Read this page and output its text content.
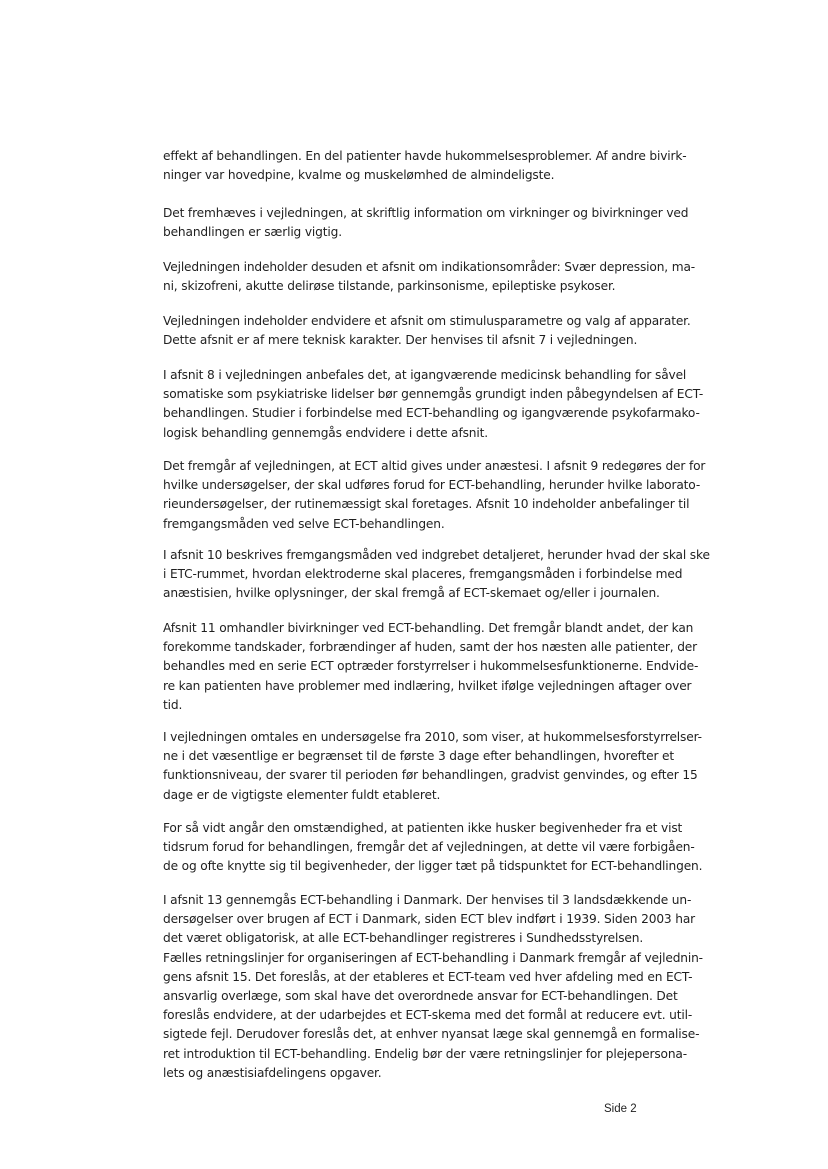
effekt af behandlingen. En del patienter havde hukommelsesproblemer. Af andre bivirk-
ninger var hovedpine, kvalme og muskelømhed de almindeligste.
Det fremhæves i vejledningen, at skriftlig information om virkninger og bivirkninger ved
behandlingen er særlig vigtig.
Vejledningen indeholder desuden et afsnit om indikationsområder: Svær depression, ma-
ni, skizofreni, akutte delirøse tilstande, parkinsonisme, epileptiske psykoser.
Vejledningen indeholder endvidere et afsnit om stimulusparametre og valg af apparater.
Dette afsnit er af mere teknisk karakter. Der henvises til afsnit 7 i vejledningen.
I afsnit 8 i vejledningen anbefales det, at igangværende medicinsk behandling for såvel
somatiske som psykiatriske lidelser bør gennemgås grundigt inden påbegyndelsen af ECT-
behandlingen. Studier i forbindelse med ECT-behandling og igangværende psykofarmako-
logisk behandling gennemgås endvidere i dette afsnit.
Det fremgår af vejledningen, at ECT altid gives under anæstesi. I afsnit 9 redegøres der for
hvilke undersøgelser, der skal udføres forud for ECT-behandling, herunder hvilke laborato-
rieundersøgelser, der rutinemæssigt skal foretages. Afsnit 10 indeholder anbefalinger til
fremgangsmåden ved selve ECT-behandlingen.
I afsnit 10 beskrives fremgangsmåden ved indgrebet detaljeret, herunder hvad der skal ske
i ETC-rummet, hvordan elektroderne skal placeres, fremgangsmåden i forbindelse med
anæstisien, hvilke oplysninger, der skal fremgå af ECT-skemaet og/eller i journalen.
Afsnit 11 omhandler bivirkninger ved ECT-behandling. Det fremgår blandt andet, der kan
forekomme tandskader, forbrændinger af huden, samt der hos næsten alle patienter, der
behandles med en serie ECT optræder forstyrrelser i hukommelsesfunktionerne. Endvide-
re kan patienten have problemer med indlæring, hvilket ifølge vejledningen aftager over
tid.
I vejledningen omtales en undersøgelse fra 2010, som viser, at hukommelsesforstyrrelser-
ne i det væsentlige er begrænset til de første 3 dage efter behandlingen, hvorefter et
funktionsniveau, der svarer til perioden før behandlingen, gradvist genvindes, og efter 15
dage er de vigtigste elementer fuldt etableret.
For så vidt angår den omstændighed, at patienten ikke husker begivenheder fra et vist
tidsrum forud for behandlingen, fremgår det af vejledningen, at dette vil være forbigåen-
de og ofte knytte sig til begivenheder, der ligger tæt på tidspunktet for ECT-behandlingen.
I afsnit 13 gennemgås ECT-behandling i Danmark. Der henvises til 3 landsdækkende un-
dersøgelser over brugen af ECT i Danmark, siden ECT blev indført i 1939. Siden 2003 har
det været obligatorisk, at alle ECT-behandlinger registreres i Sundhedsstyrelsen.
Fælles retningslinjer for organiseringen af ECT-behandling i Danmark fremgår af vejlednin-
gens afsnit 15. Det foreslås, at der etableres et ECT-team ved hver afdeling med en ECT-
ansvarlig overlæge, som skal have det overordnede ansvar for ECT-behandlingen. Det
foreslås endvidere, at der udarbejdes et ECT-skema med det formål at reducere evt. util-
sigtede fejl. Derudover foreslås det, at enhver nyansat læge skal gennemgå en formalise-
ret introduktion til ECT-behandling. Endelig bør der være retningslinjer for plejepersona-
lets og anæstisiafdelingens opgaver.
Side 2
